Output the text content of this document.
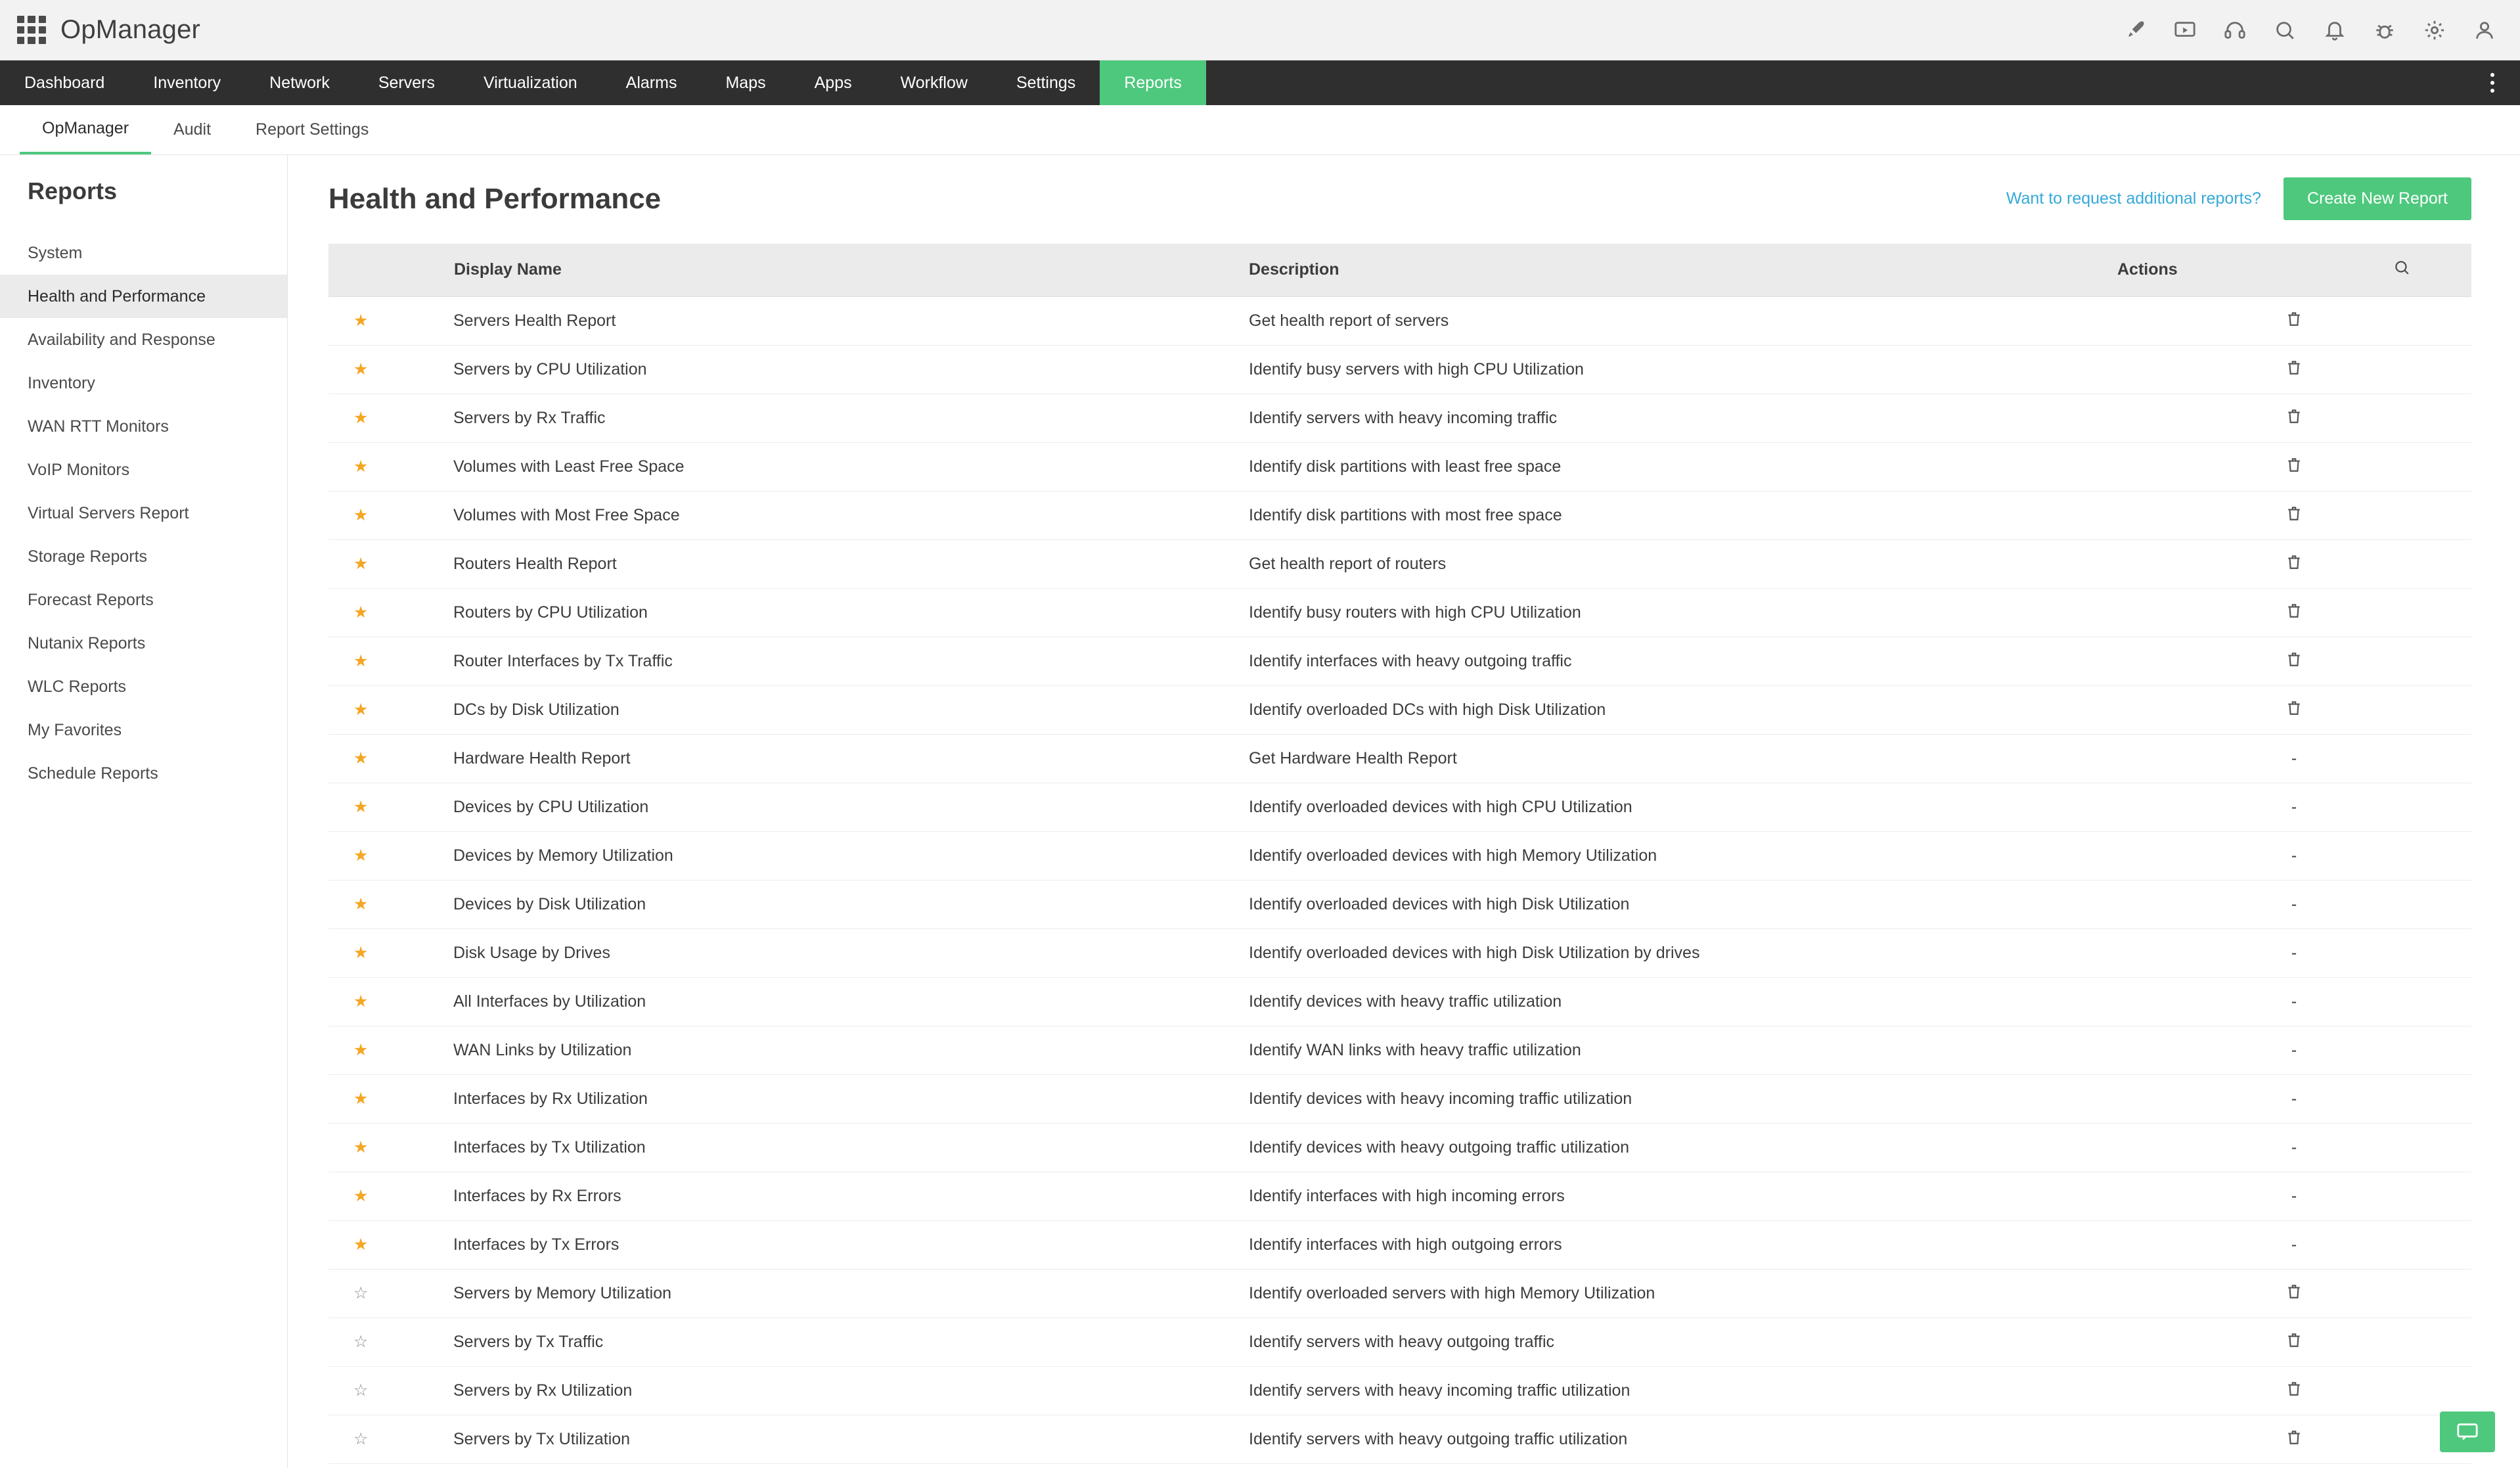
OpManager
Dashboard	Inventory	Network	Servers	Virtualization	Alarms	Maps	Apps	Workflow	Settings	Reports
OpManager	Audit	Report Settings
Reports
System
Health and Performance
Availability and Response
Inventory
WAN RTT Monitors
VoIP Monitors
Virtual Servers Report
Storage Reports
Forecast Reports
Nutanix Reports
WLC Reports
My Favorites
Schedule Reports
Health and Performance	Want to request additional reports?	Create New Report
	Display Name	Description	Actions	
★	Servers Health Report	Get health report of servers	
★	Servers by CPU Utilization	Identify busy servers with high CPU Utilization	
★	Servers by Rx Traffic	Identify servers with heavy incoming traffic	
★	Volumes with Least Free Space	Identify disk partitions with least free space	
★	Volumes with Most Free Space	Identify disk partitions with most free space	
★	Routers Health Report	Get health report of routers	
★	Routers by CPU Utilization	Identify busy routers with high CPU Utilization	
★	Router Interfaces by Tx Traffic	Identify interfaces with heavy outgoing traffic	
★	DCs by Disk Utilization	Identify overloaded DCs with high Disk Utilization	
★	Hardware Health Report	Get Hardware Health Report	-	
★	Devices by CPU Utilization	Identify overloaded devices with high CPU Utilization	-	
★	Devices by Memory Utilization	Identify overloaded devices with high Memory Utilization	-	
★	Devices by Disk Utilization	Identify overloaded devices with high Disk Utilization	-	
★	Disk Usage by Drives	Identify overloaded devices with high Disk Utilization by drives	-	
★	All Interfaces by Utilization	Identify devices with heavy traffic utilization	-	
★	WAN Links by Utilization	Identify WAN links with heavy traffic utilization	-	
★	Interfaces by Rx Utilization	Identify devices with heavy incoming traffic utilization	-	
★	Interfaces by Tx Utilization	Identify devices with heavy outgoing traffic utilization	-	
★	Interfaces by Rx Errors	Identify interfaces with high incoming errors	-	
★	Interfaces by Tx Errors	Identify interfaces with high outgoing errors	-	
☆	Servers by Memory Utilization	Identify overloaded servers with high Memory Utilization	
☆	Servers by Tx Traffic	Identify servers with heavy outgoing traffic	
☆	Servers by Rx Utilization	Identify servers with heavy incoming traffic utilization	
☆	Servers by Tx Utilization	Identify servers with heavy outgoing traffic utilization	
